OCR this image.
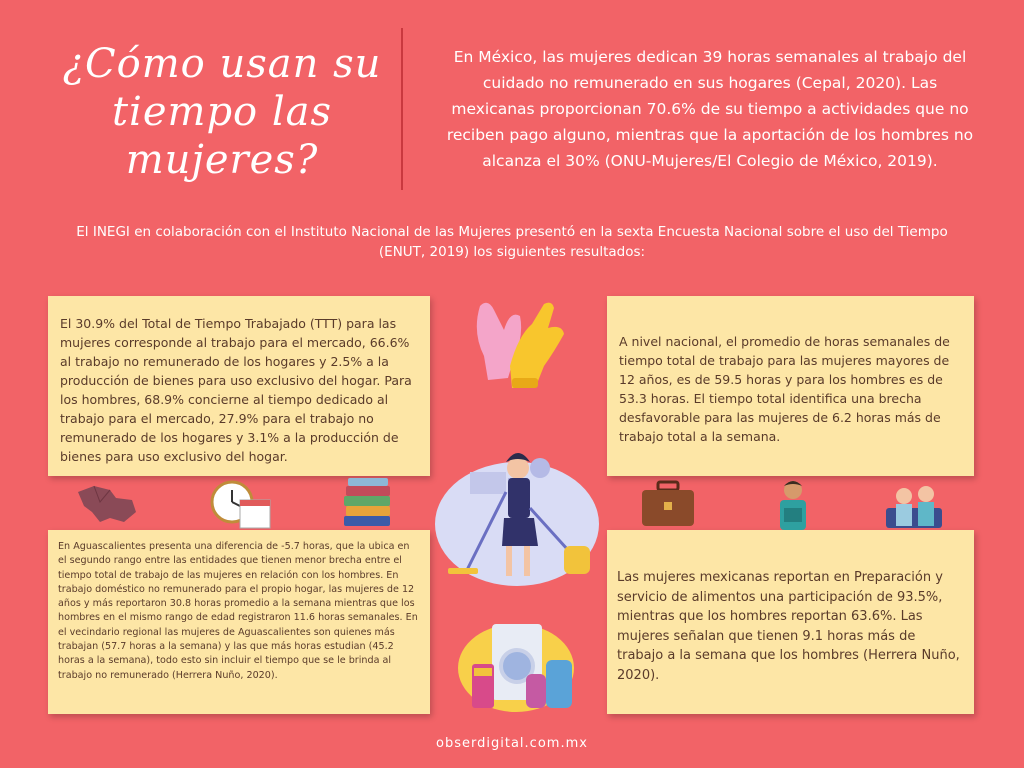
¿Cómo usan su
tiempo las
mujeres?
En México, las mujeres dedican 39 horas semanales al trabajo del cuidado no remunerado en sus hogares (Cepal, 2020). Las mexicanas proporcionan 70.6% de su tiempo a actividades que no reciben pago alguno, mientras que la aportación de los hombres no alcanza el 30% (ONU-Mujeres/El Colegio de México, 2019).
El INEGI en colaboración con el Instituto Nacional de las Mujeres presentó en la sexta Encuesta Nacional sobre el uso del Tiempo (ENUT, 2019) los siguientes resultados:

El 30.9% del Total de Tiempo Trabajado (TTT) para las mujeres corresponde al trabajo para el mercado, 66.6% al trabajo no remunerado de los hogares y 2.5% a la producción de bienes para uso exclusivo del hogar. Para los hombres, 68.9% concierne al tiempo dedicado al trabajo para el mercado, 27.9% para el trabajo no remunerado de los hogares y 3.1% a la producción de bienes para uso exclusivo del hogar.

A nivel nacional, el promedio de horas semanales de tiempo total de trabajo para las mujeres mayores de 12 años, es de 59.5 horas y para los hombres es de 53.3 horas. El tiempo total identifica una brecha desfavorable para las mujeres de 6.2 horas más de trabajo total a la semana.

En Aguascalientes presenta una diferencia de -5.7 horas, que la ubica en el segundo rango entre las entidades que tienen menor brecha entre el tiempo total de trabajo de las mujeres en relación con los hombres. En trabajo doméstico no remunerado para el propio hogar, las mujeres de 12 años y más reportaron 30.8 horas promedio a la semana mientras que los hombres en el mismo rango de edad registraron 11.6 horas semanales. En el vecindario regional las mujeres de Aguascalientes son quienes más trabajan (57.7 horas a la semana) y las que más horas estudian (45.2 horas a la semana), todo esto sin incluir el tiempo que se le brinda al trabajo no remunerado (Herrera Nuño, 2020).

Las mujeres mexicanas reportan en Preparación y servicio de alimentos una participación de 93.5%, mientras que los hombres reportan 63.6%. Las mujeres señalan que tienen 9.1 horas más de trabajo a la semana que los hombres (Herrera Nuño, 2020).

obserdigital.com.mx
